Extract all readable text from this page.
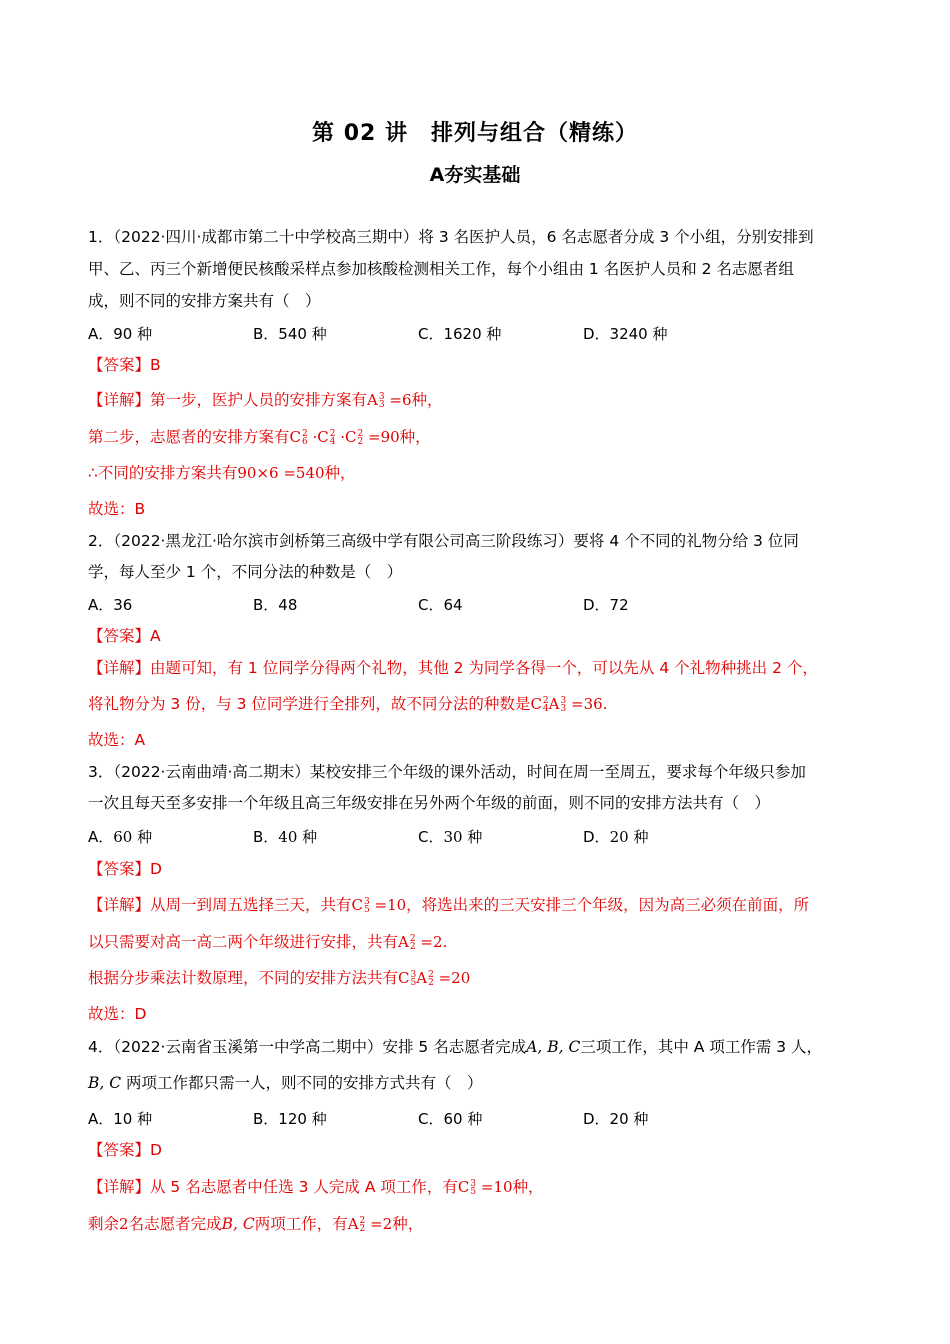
第 02 讲　排列与组合（精练）
A夯实基础
1．（2022·四川·成都市第二十中学校高三期中）将 3 名医护人员，6 名志愿者分成 3 个小组，分别安排到
甲、乙、丙三个新增便民核酸采样点参加核酸检测相关工作，每个小组由 1 名医护人员和 2 名志愿者组
成，则不同的安排方案共有（　）
A．90 种	B．540 种	C．1620 种	D．3240 种
【答案】B
【详解】第一步，医护人员的安排方案有A 3
3 =6种，
第二步，志愿者的安排方案有C 2
6 ·C 2
4 ·C 2
2 =90种，
∴不同的安排方案共有90×6 =540种，
故选：B
2．（2022·黑龙江·哈尔滨市剑桥第三高级中学有限公司高三阶段练习）要将 4 个不同的礼物分给 3 位同
学，每人至少 1 个，不同分法的种数是（　）
A．36	B．48	C．64	D．72
【答案】A
【详解】由题可知，有 1 位同学分得两个礼物，其他 2 为同学各得一个，可以先从 4 个礼物种挑出 2 个，
将礼物分为 3 份，与 3 位同学进行全排列，故不同分法的种数是C 2
4 A 3
3 =36.
故选：A
3．（2022·云南曲靖·高二期末）某校安排三个年级的课外活动，时间在周一至周五，要求每个年级只参加
一次且每天至多安排一个年级且高三年级安排在另外两个年级的前面，则不同的安排方法共有（　）
A．60 种	B．40 种	C．30 种	D．20 种
【答案】D
【详解】从周一到周五选择三天，共有C 3
5 =10，将选出来的三天安排三个年级，因为高三必须在前面，所
以只需要对高一高二两个年级进行安排，共有A 2
2 =2.
根据分步乘法计数原理，不同的安排方法共有C 3
5 A 2
2 =20
故选：D
4．（2022·云南省玉溪第一中学高二期中）安排 5 名志愿者完成A, B, C三项工作，其中 A 项工作需 3 人，
B, C 两项工作都只需一人，则不同的安排方式共有（　）
A．10 种	B．120 种	C．60 种	D．20 种
【答案】D
【详解】从 5 名志愿者中任选 3 人完成 A 项工作，有C 3
5 =10种，
剩余2名志愿者完成B, C两项工作，有A 2
2 =2种，
